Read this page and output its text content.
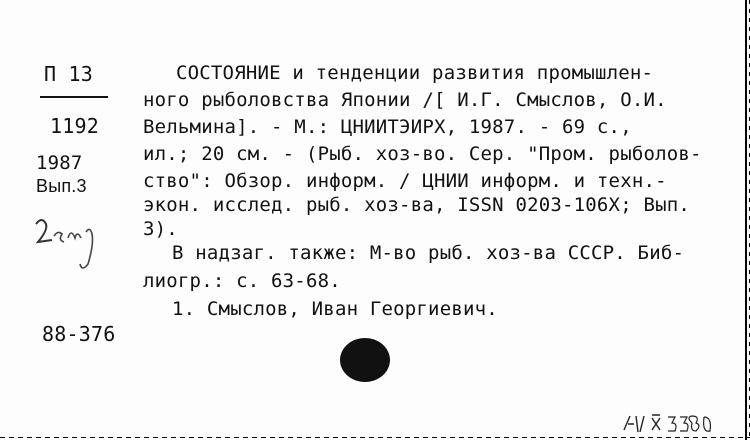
П 13
1192
1987
Вып.3
88-376
СОСТОЯНИЕ и тенденции развития промышлен-
ного рыболовства Японии /[ И.Г. Смыслов, О.И.
Вельмина]. - М.: ЦНИИТЭИРХ, 1987. - 69 с.,
ил.; 20 см. - (Рыб. хоз-во. Сер. "Пром. рыболов-
ство": Обзор. информ. / ЦНИИ информ. и техн.-
экон. исслед. рыб. хоз-ва, ISSN 0203-106X; Вып.
3).
В надзаг. также: М-во рыб. хоз-ва СССР. Биб-
лиогр.: с. 63-68.
1. Смыслов, Иван Георгиевич.
